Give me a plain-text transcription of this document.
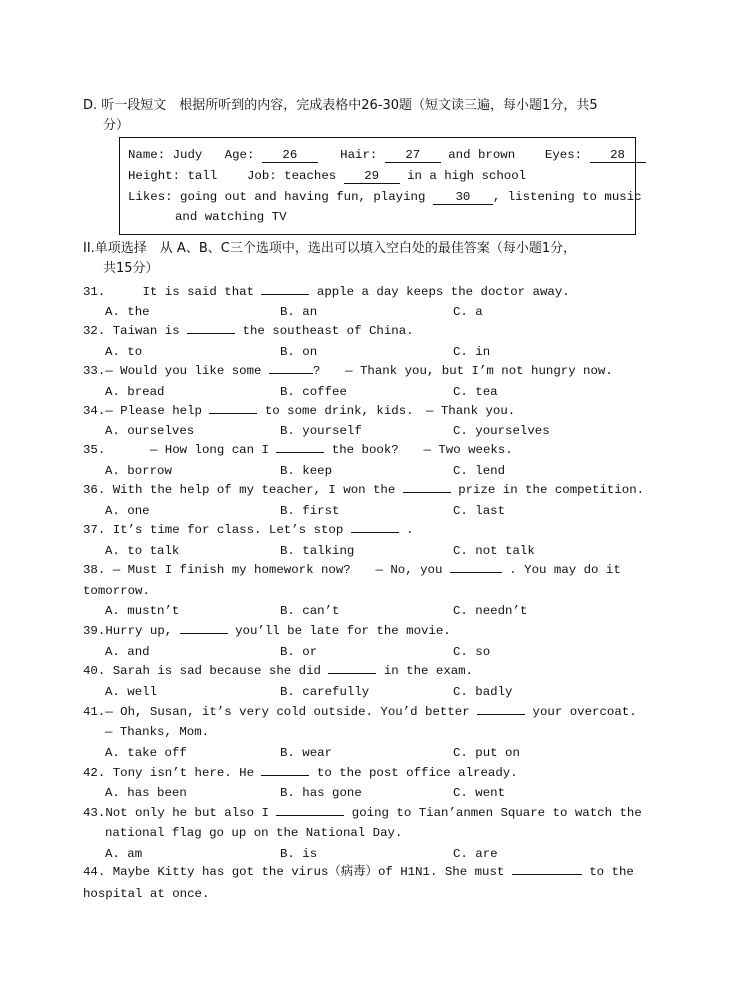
D. 听一段短文　根据所听到的内容，完成表格中26-30题（短文读三遍，每小题1分，共5
分）
Name: Judy Age: 26	Hair: 27 and brown Eyes: 28
Height: tall Job: teaches 29 in a high school
Likes: going out and having fun, playing 30 , listening to music
and watching TV
II.单项选择　从 A、B、C三个选项中，选出可以填入空白处的最佳答案（每小题1分，
共15分）
31.	It is said that	apple a day keeps the doctor away.
A. the	B. an	C. a
32. Taiwan is	the southeast of China.
A. to	B. on	C. in
33.— Would you like some	?　　— Thank you, but I’m not hungry now.
A. bread	B. coffee	C. tea
34.— Please help	to some drink, kids.　— Thank you.
A. ourselves	B. yourself	C. yourselves
35.	— How long can I	the book?　　— Two weeks.
A. borrow	B. keep	C. lend
36. With the help of my teacher, I won the	prize in the competition.
A. one	B. first	C. last
37. It’s time for class. Let’s stop	.
A. to talk	B. talking	C. not talk
38. — Must I finish my homework now?　　— No, you	. You may do it
tomorrow.
A. mustn’t	B. can’t	C. needn’t
39.Hurry up,	you’ll be late for the movie.
A. and	B. or	C. so
40. Sarah is sad because she did	in the exam.
A. well	B. carefully	C. badly
41.— Oh, Susan, it’s very cold outside. You’d better	your overcoat.
— Thanks, Mom.
A. take off	B. wear	C. put on
42. Tony isn’t here. He	to the post office already.
A. has been	B. has gone	C. went
43.Not only he but also I	going to Tian’anmen Square to watch the
national flag go up on the National Day.
A. am	B. is	C. are
44. Maybe Kitty has got the virus（病毒）of H1N1. She must	to the
hospital at once.
